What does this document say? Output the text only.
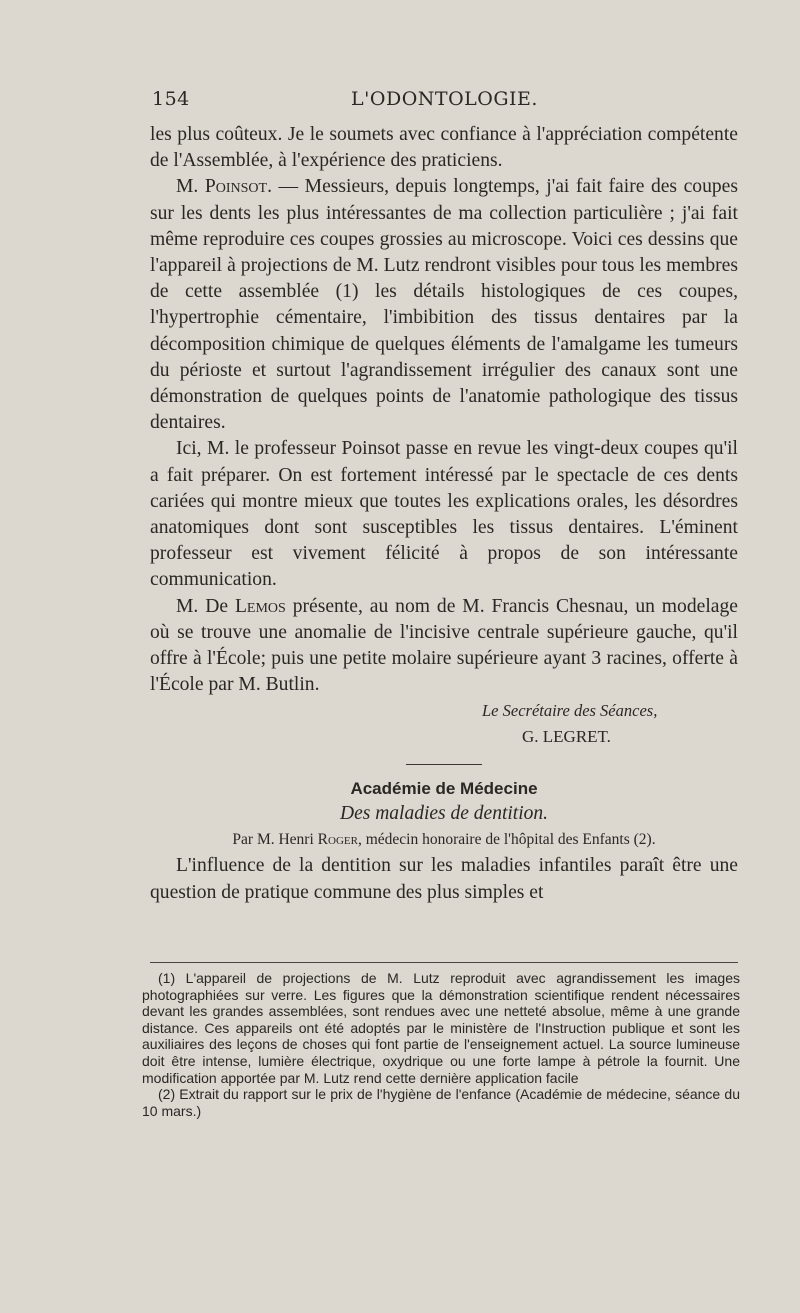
154	L'ODONTOLOGIE.

les plus coûteux. Je le soumets avec confiance à l'appréciation compétente de l'Assemblée, à l'expérience des praticiens.

M. Poinsot. — Messieurs, depuis longtemps, j'ai fait faire des coupes sur les dents les plus intéressantes de ma collection particulière ; j'ai fait même reproduire ces coupes grossies au microscope. Voici ces dessins que l'appareil à projections de M. Lutz rendront visibles pour tous les membres de cette assemblée (1) les détails histologiques de ces coupes, l'hypertrophie cémentaire, l'imbibition des tissus dentaires par la décomposition chimique de quelques éléments de l'amalgame les tumeurs du périoste et surtout l'agrandissement irrégulier des canaux sont une démonstration de quelques points de l'anatomie pathologique des tissus dentaires.

Ici, M. le professeur Poinsot passe en revue les vingt-deux coupes qu'il a fait préparer. On est fortement intéressé par le spectacle de ces dents cariées qui montre mieux que toutes les explications orales, les désordres anatomiques dont sont susceptibles les tissus dentaires. L'éminent professeur est vivement félicité à propos de son intéressante communication.

M. De Lemos présente, au nom de M. Francis Chesnau, un modelage où se trouve une anomalie de l'incisive centrale supérieure gauche, qu'il offre à l'École; puis une petite molaire supérieure ayant 3 racines, offerte à l'École par M. Butlin.

Le Secrétaire des Séances,
G. LEGRET.

Académie de Médecine
Des maladies de dentition.
Par M. Henri Roger, médecin honoraire de l'hôpital des Enfants (2).

L'influence de la dentition sur les maladies infantiles paraît être une question de pratique commune des plus simples et

(1) L'appareil de projections de M. Lutz reproduit avec agrandissement les images photographiées sur verre. Les figures que la démonstration scientifique rendent nécessaires devant les grandes assemblées, sont rendues avec une netteté absolue, même à une grande distance. Ces appareils ont été adoptés par le ministère de l'Instruction publique et sont les auxiliaires des leçons de choses qui font partie de l'enseignement actuel. La source lumineuse doit être intense, lumière électrique, oxydrique ou une forte lampe à pétrole la fournit. Une modification apportée par M. Lutz rend cette dernière application facile

(2) Extrait du rapport sur le prix de l'hygiène de l'enfance (Académie de médecine, séance du 10 mars.)
